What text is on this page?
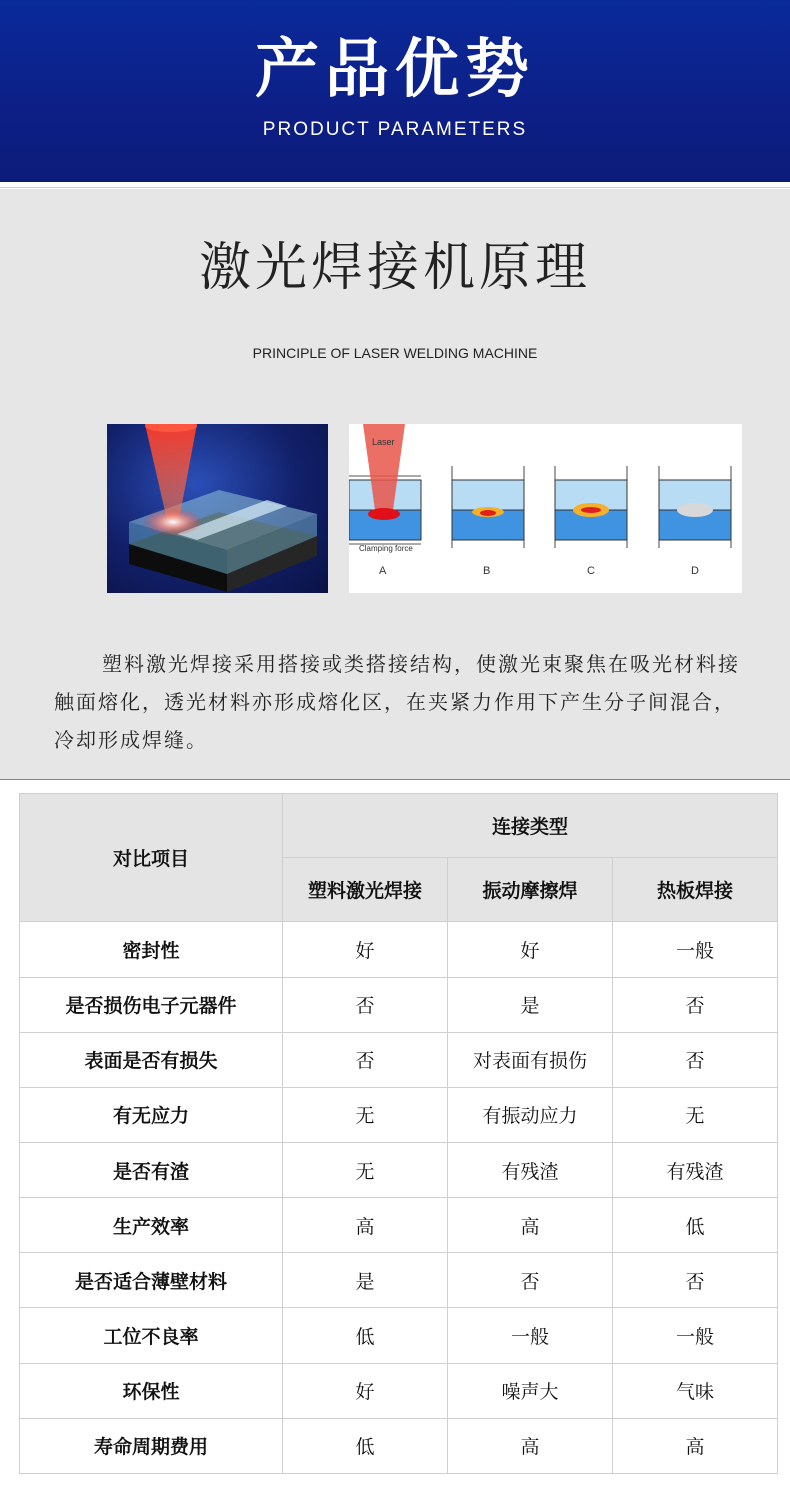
产品优势
PRODUCT PARAMETERS
激光焊接机原理
PRINCIPLE OF LASER WELDING MACHINE
Laser
Clamping force
A	B	C	D

塑料激光焊接采用搭接或类搭接结构，使激光束聚焦在吸光材料接触面熔化，透光材料亦形成熔化区，在夹紧力作用下产生分子间混合，冷却形成焊缝。

对比项目	连接类型		
	塑料激光焊接	振动摩擦焊	热板焊接
密封性	好	好	一般
是否损伤电子元器件	否	是	否
表面是否有损失	否	对表面有损伤	否
有无应力	无	有振动应力	无
是否有渣	无	有残渣	有残渣
生产效率	高	高	低
是否适合薄壁材料	是	否	否
工位不良率	低	一般	一般
环保性	好	噪声大	气味
寿命周期费用	低	高	高
